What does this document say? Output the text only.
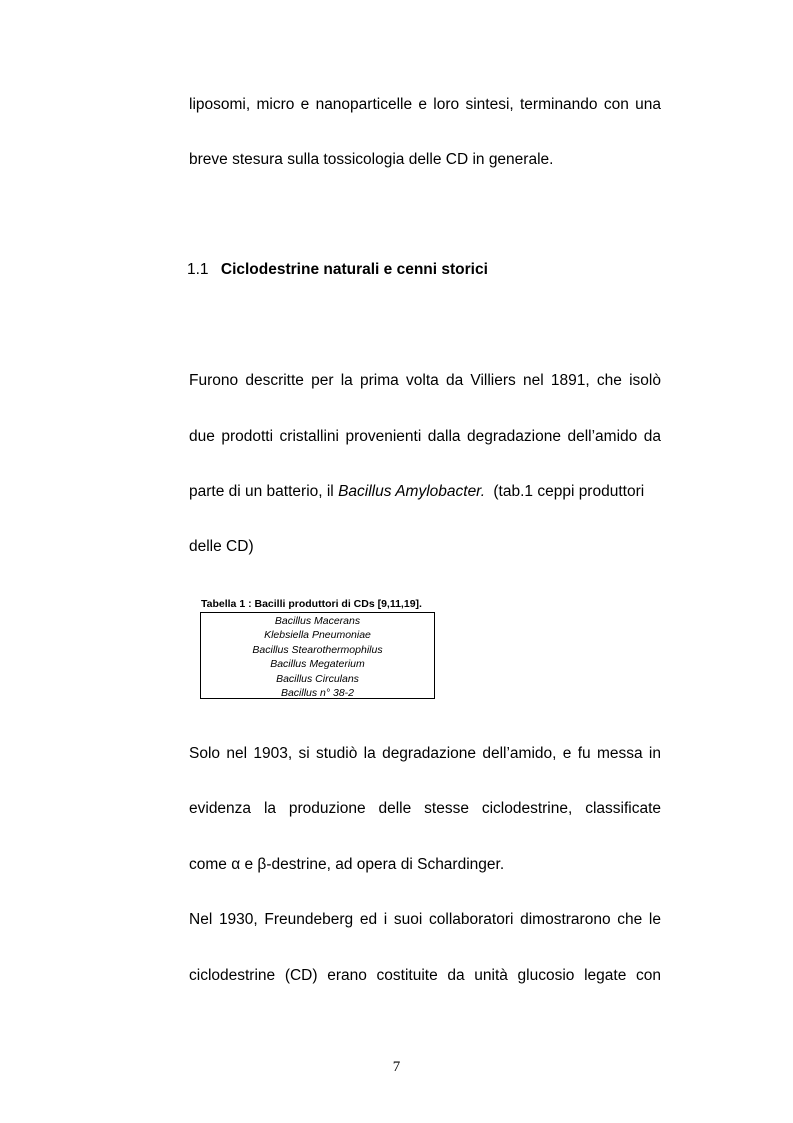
liposomi, micro e nanoparticelle e loro sintesi, terminando con una
breve stesura sulla tossicologia delle CD in generale.
1.1 Ciclodestrine naturali e cenni storici
Furono descritte per la prima volta da Villiers nel 1891, che isolò
due prodotti cristallini provenienti dalla degradazione dell’amido da
parte di un batterio, il Bacillus Amylobacter. (tab.1 ceppi produttori
delle CD)
Tabella 1 : Bacilli produttori di CDs [9,11,19].
Bacillus Macerans
Klebsiella Pneumoniae
Bacillus Stearothermophilus
Bacillus Megaterium
Bacillus Circulans
Bacillus n° 38-2
Solo nel 1903, si studiò la degradazione dell’amido, e fu messa in
evidenza la produzione delle stesse ciclodestrine, classificate
come α e β-destrine, ad opera di Schardinger.
Nel 1930, Freundeberg ed i suoi collaboratori dimostrarono che le
ciclodestrine (CD) erano costituite da unità glucosio legate con
7
